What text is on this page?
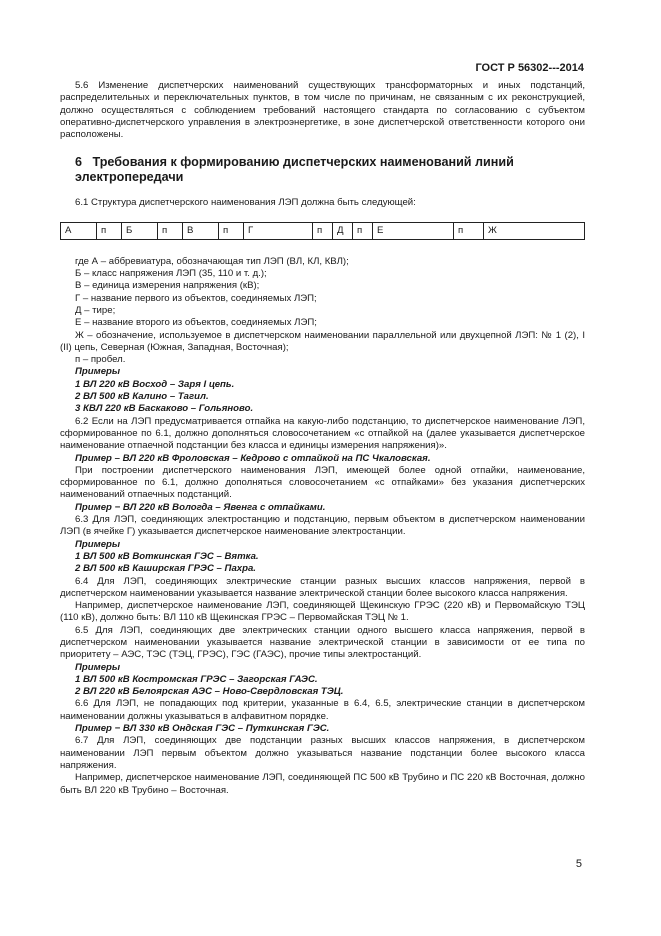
ГОСТ Р 56302---2014

5.6 Изменение диспетчерских наименований существующих трансформаторных и иных подстанций, распределительных и переключательных пунктов, в том числе по причинам, не связанным с их реконструкцией, должно осуществляться с соблюдением требований настоящего стандарта по согласованию с субъектом оперативно-диспетчерского управления в электроэнергетике, в зоне диспетчерской ответственности которого они расположены.

6 Требования к формированию диспетчерских наименований линий электропередачи

6.1 Структура диспетчерского наименования ЛЭП должна быть следующей:

А	п	Б	п	В	п	Г	п	Д	п	Е	п	Ж

где А – аббревиатура, обозначающая тип ЛЭП (ВЛ, КЛ, КВЛ);

Б – класс напряжения ЛЭП (35, 110 и т. д.);

В – единица измерения напряжения (кВ);

Г – название первого из объектов, соединяемых ЛЭП;

Д – тире;

Е – название второго из объектов, соединяемых ЛЭП;

Ж – обозначение, используемое в диспетчерском наименовании параллельной или двухцепной ЛЭП: № 1 (2), I (II) цепь, Северная (Южная, Западная, Восточная);

п – пробел.

Примеры

1 ВЛ 220 кВ Восход – Заря I цепь.

2 ВЛ 500 кВ Калино – Тагил.

3 КВЛ 220 кВ Баскаково – Гольяново.

6.2 Если на ЛЭП предусматривается отпайка на какую-либо подстанцию, то диспетчерское наименование ЛЭП, сформированное по 6.1, должно дополняться словосочетанием «с отпайкой на (далее указывается диспетчерское наименование отпаечной подстанции без класса и единицы измерения напряжения)».

Пример – ВЛ 220 кВ Фроловская – Кедрово с отпайкой на ПС Чкаловская.

При построении диспетчерского наименования ЛЭП, имеющей более одной отпайки, наименование, сформированное по 6.1, должно дополняться словосочетанием «с отпайками» без указания диспетчерских наименований отпаечных подстанций.

Пример − ВЛ 220 кВ Вологда – Явенга с отпайками.

6.3 Для ЛЭП, соединяющих электростанцию и подстанцию, первым объектом в диспетчерском наименовании ЛЭП (в ячейке Г) указывается диспетчерское наименование электростанции.

Примеры

1 ВЛ 500 кВ Воткинская ГЭС – Вятка.

2 ВЛ 500 кВ Каширская ГРЭС – Пахра.

6.4 Для ЛЭП, соединяющих электрические станции разных высших классов напряжения, первой в диспетчерском наименовании указывается название электрической станции более высокого класса напряжения.

Например, диспетчерское наименование ЛЭП, соединяющей Щекинскую ГРЭС (220 кВ) и Первомайскую ТЭЦ (110 кВ), должно быть: ВЛ 110 кВ Щекинская ГРЭС – Первомайская ТЭЦ № 1.

6.5 Для ЛЭП, соединяющих две электрических станции одного высшего класса напряжения, первой в диспетчерском наименовании указывается название электрической станции в зависимости от ее типа по приоритету – АЭС, ТЭС (ТЭЦ, ГРЭС), ГЭС (ГАЭС), прочие типы электростанций.

Примеры

1 ВЛ 500 кВ Костромская ГРЭС – Загорская ГАЭС.

2 ВЛ 220 кВ Белоярская АЭС – Ново-Свердловская ТЭЦ.

6.6 Для ЛЭП, не попадающих под критерии, указанные в 6.4, 6.5, электрические станции в диспетчерском наименовании должны указываться в алфавитном порядке.

Пример − ВЛ 330 кВ Ондская ГЭС – Путкинская ГЭС.

6.7 Для ЛЭП, соединяющих две подстанции разных высших классов напряжения, в диспетчерском наименовании ЛЭП первым объектом должно указываться название подстанции более высокого класса напряжения.

Например, диспетчерское наименование ЛЭП, соединяющей ПС 500 кВ Трубино и ПС 220 кВ Восточная, должно быть ВЛ 220 кВ Трубино – Восточная.

5
